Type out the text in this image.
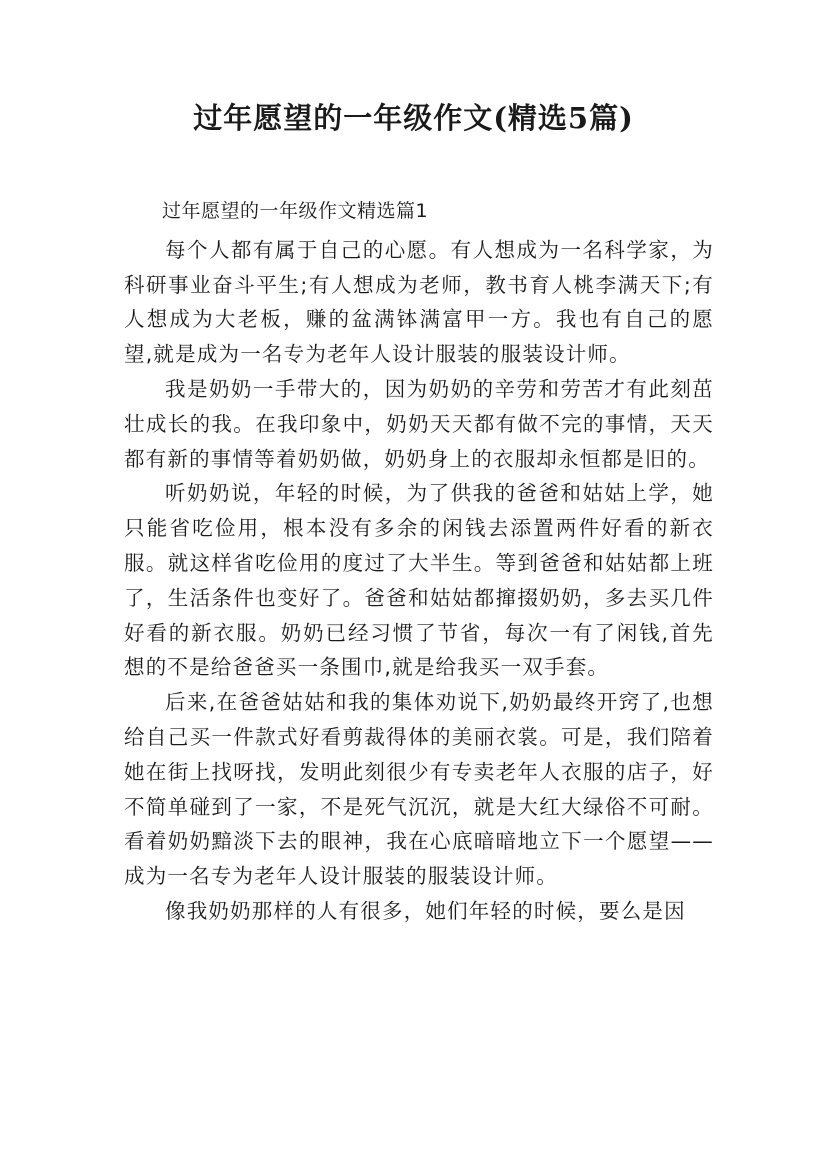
过年愿望的一年级作文(精选5篇)

过年愿望的一年级作文精选篇1

每个人都有属于自己的心愿。有人想成为一名科学家，为科研事业奋斗平生;有人想成为老师，教书育人桃李满天下;有人想成为大老板，赚的盆满钵满富甲一方。我也有自己的愿望,就是成为一名专为老年人设计服装的服装设计师。

我是奶奶一手带大的，因为奶奶的辛劳和劳苦才有此刻茁壮成长的我。在我印象中，奶奶天天都有做不完的事情，天天都有新的事情等着奶奶做，奶奶身上的衣服却永恒都是旧的。

听奶奶说，年轻的时候，为了供我的爸爸和姑姑上学，她只能省吃俭用，根本没有多余的闲钱去添置两件好看的新衣服。就这样省吃俭用的度过了大半生。等到爸爸和姑姑都上班了，生活条件也变好了。爸爸和姑姑都撺掇奶奶，多去买几件好看的新衣服。奶奶已经习惯了节省，每次一有了闲钱,首先想的不是给爸爸买一条围巾,就是给我买一双手套。

后来,在爸爸姑姑和我的集体劝说下,奶奶最终开窍了,也想给自己买一件款式好看剪裁得体的美丽衣裳。可是，我们陪着她在街上找呀找，发明此刻很少有专卖老年人衣服的店子，好不简单碰到了一家，不是死气沉沉，就是大红大绿俗不可耐。看着奶奶黯淡下去的眼神，我在心底暗暗地立下一个愿望——成为一名专为老年人设计服装的服装设计师。

像我奶奶那样的人有很多，她们年轻的时候，要么是因
